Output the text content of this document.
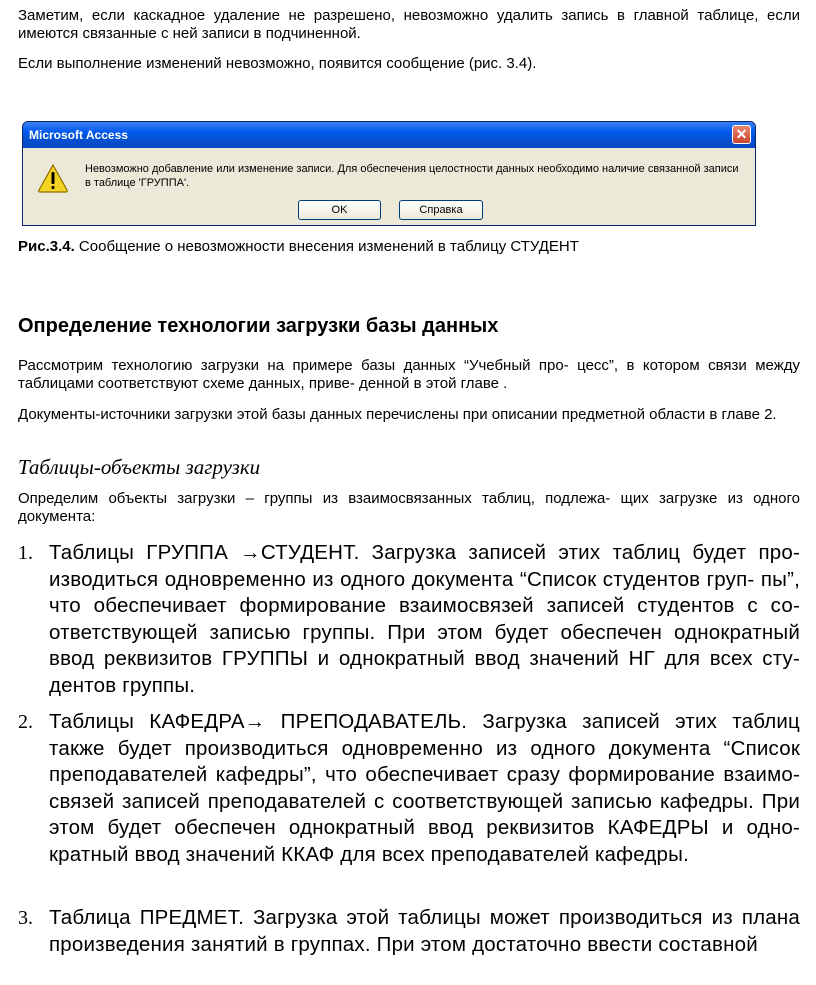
Заметим, если каскадное удаление не разрешено, невозможно удалить запись в главной таблице, если имеются связанные с ней записи в подчиненной.

Если выполнение изменений невозможно, появится сообщение (рис. 3.4).

Microsoft Access	✕
Невозможно добавление или изменение записи. Для обеспечения целостности данных необходимо наличие связанной записи в таблице 'ГРУППА'.
OK	Справка
Рис.3.4. Сообщение о невозможности внесения изменений в таблицу СТУДЕНТ
Определение технологии загрузки базы данных

Рассмотрим технологию загрузки на примере базы данных “Учебный про- цесс”, в котором связи между таблицами соответствуют схеме данных, приве- денной в этой главе .

Документы-источники загрузки этой базы данных перечислены при описании предметной области в главе 2.

Таблицы-объекты загрузки

Определим объекты загрузки – группы из взаимосвязанных таблиц, подлежа- щих загрузке из одного документа:

1. Таблицы ГРУППА →СТУДЕНТ. Загрузка записей этих таблиц будет про- изводиться одновременно из одного документа “Список студентов груп- пы”, что обеспечивает формирование взаимосвязей записей студентов с со- ответствующей записью группы. При этом будет обеспечен однократный ввод реквизитов ГРУППЫ и однократный ввод значений НГ для всех сту- дентов группы.
2. Таблицы КАФЕДРА→ ПРЕПОДАВАТЕЛЬ. Загрузка записей этих таблиц также будет производиться одновременно из одного документа “Список преподавателей кафедры”, что обеспечивает сразу формирование взаимо- связей записей преподавателей с соответствующей записью кафедры. При этом будет обеспечен однократный ввод реквизитов КАФЕДРЫ и одно- кратный ввод значений ККАФ для всех преподавателей кафедры.
3. Таблица ПРЕДМЕТ. Загрузка этой таблицы может производиться из плана произведения занятий в группах. При этом достаточно ввести составной
